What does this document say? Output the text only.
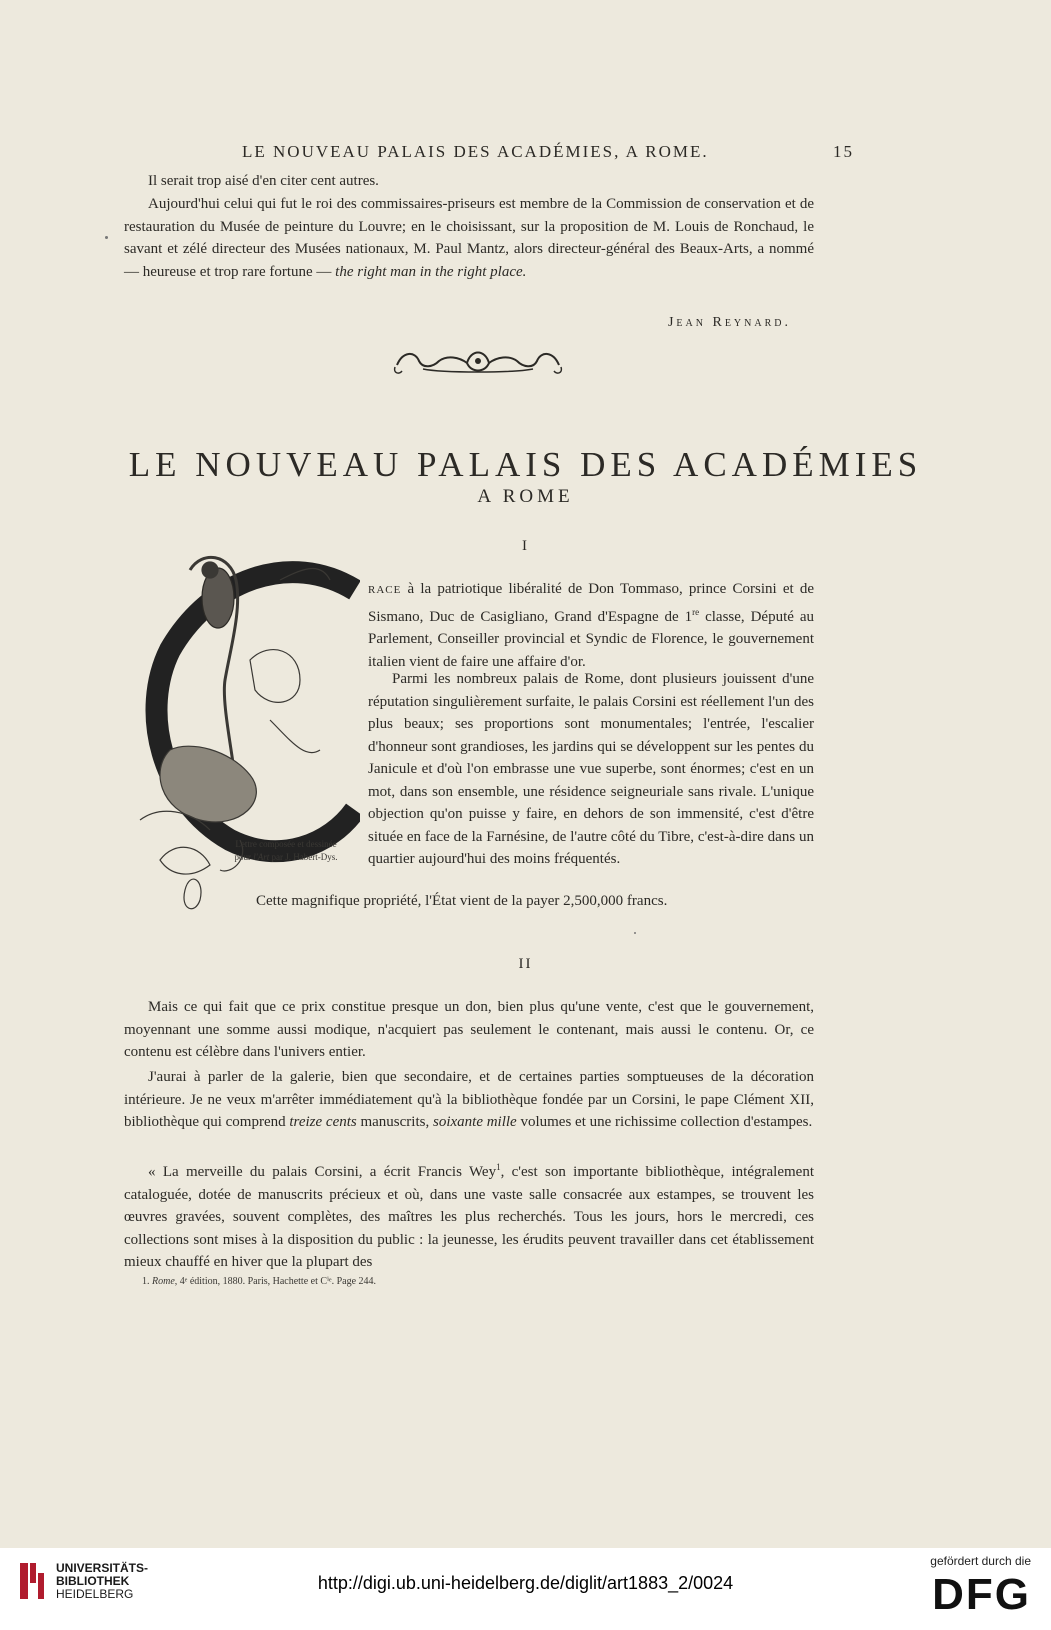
LE NOUVEAU PALAIS DES ACADÉMIES, A ROME.	15

Il serait trop aisé d'en citer cent autres.

Aujourd'hui celui qui fut le roi des commissaires-priseurs est membre de la Commission de conservation et de restauration du Musée de peinture du Louvre; en le choisissant, sur la proposition de M. Louis de Ronchaud, le savant et zélé directeur des Musées nationaux, M. Paul Mantz, alors directeur-général des Beaux-Arts, a nommé — heureuse et trop rare fortune — the right man in the right place.

Jean Reynard.
LE NOUVEAU PALAIS DES ACADÉMIES
A ROME
I
Lettre composée et dessinée
pour l'Art par J. Habert-Dys.

race à la patriotique libéralité de Don Tommaso, prince Corsini et de Sismano, Duc de Casigliano, Grand d'Espagne de 1re classe, Député au Parlement, Conseiller provincial et Syndic de Florence, le gouvernement italien vient de faire une affaire d'or.

Parmi les nombreux palais de Rome, dont plusieurs jouissent d'une réputation singulièrement surfaite, le palais Corsini est réellement l'un des plus beaux; ses proportions sont monumentales; l'entrée, l'escalier d'honneur sont grandioses, les jardins qui se développent sur les pentes du Janicule et d'où l'on embrasse une vue superbe, sont énormes; c'est en un mot, dans son ensemble, une résidence seigneuriale sans rivale. L'unique objection qu'on puisse y faire, en dehors de son immensité, c'est d'être située en face de la Farnésine, de l'autre côté du Tibre, c'est-à-dire dans un quartier aujourd'hui des moins fréquentés.

Cette magnifique propriété, l'État vient de la payer 2,500,000 francs.

II

Mais ce qui fait que ce prix constitue presque un don, bien plus qu'une vente, c'est que le gouvernement, moyennant une somme aussi modique, n'acquiert pas seulement le contenant, mais aussi le contenu. Or, ce contenu est célèbre dans l'univers entier.

J'aurai à parler de la galerie, bien que secondaire, et de certaines parties somptueuses de la décoration intérieure. Je ne veux m'arrêter immédiatement qu'à la bibliothèque fondée par un Corsini, le pape Clément XII, bibliothèque qui comprend treize cents manuscrits, soixante mille volumes et une richissime collection d'estampes.

« La merveille du palais Corsini, a écrit Francis Wey$^1$, c'est son importante bibliothèque, intégralement cataloguée, dotée de manuscrits précieux et où, dans une vaste salle consacrée aux estampes, se trouvent les œuvres gravées, souvent complètes, des maîtres les plus recherchés. Tous les jours, hors le mercredi, ces collections sont mises à la disposition du public : la jeunesse, les érudits peuvent travailler dans cet établissement mieux chauffé en hiver que la plupart des

1. Rome, 4ᵉ édition, 1880. Paris, Hachette et Cⁱᵉ. Page 244.
UNIVERSITÄTS-
BIBLIOTHEK
HEIDELBERG
http://digi.ub.uni-heidelberg.de/diglit/art1883_2/0024
gefördert durch die
DFG
